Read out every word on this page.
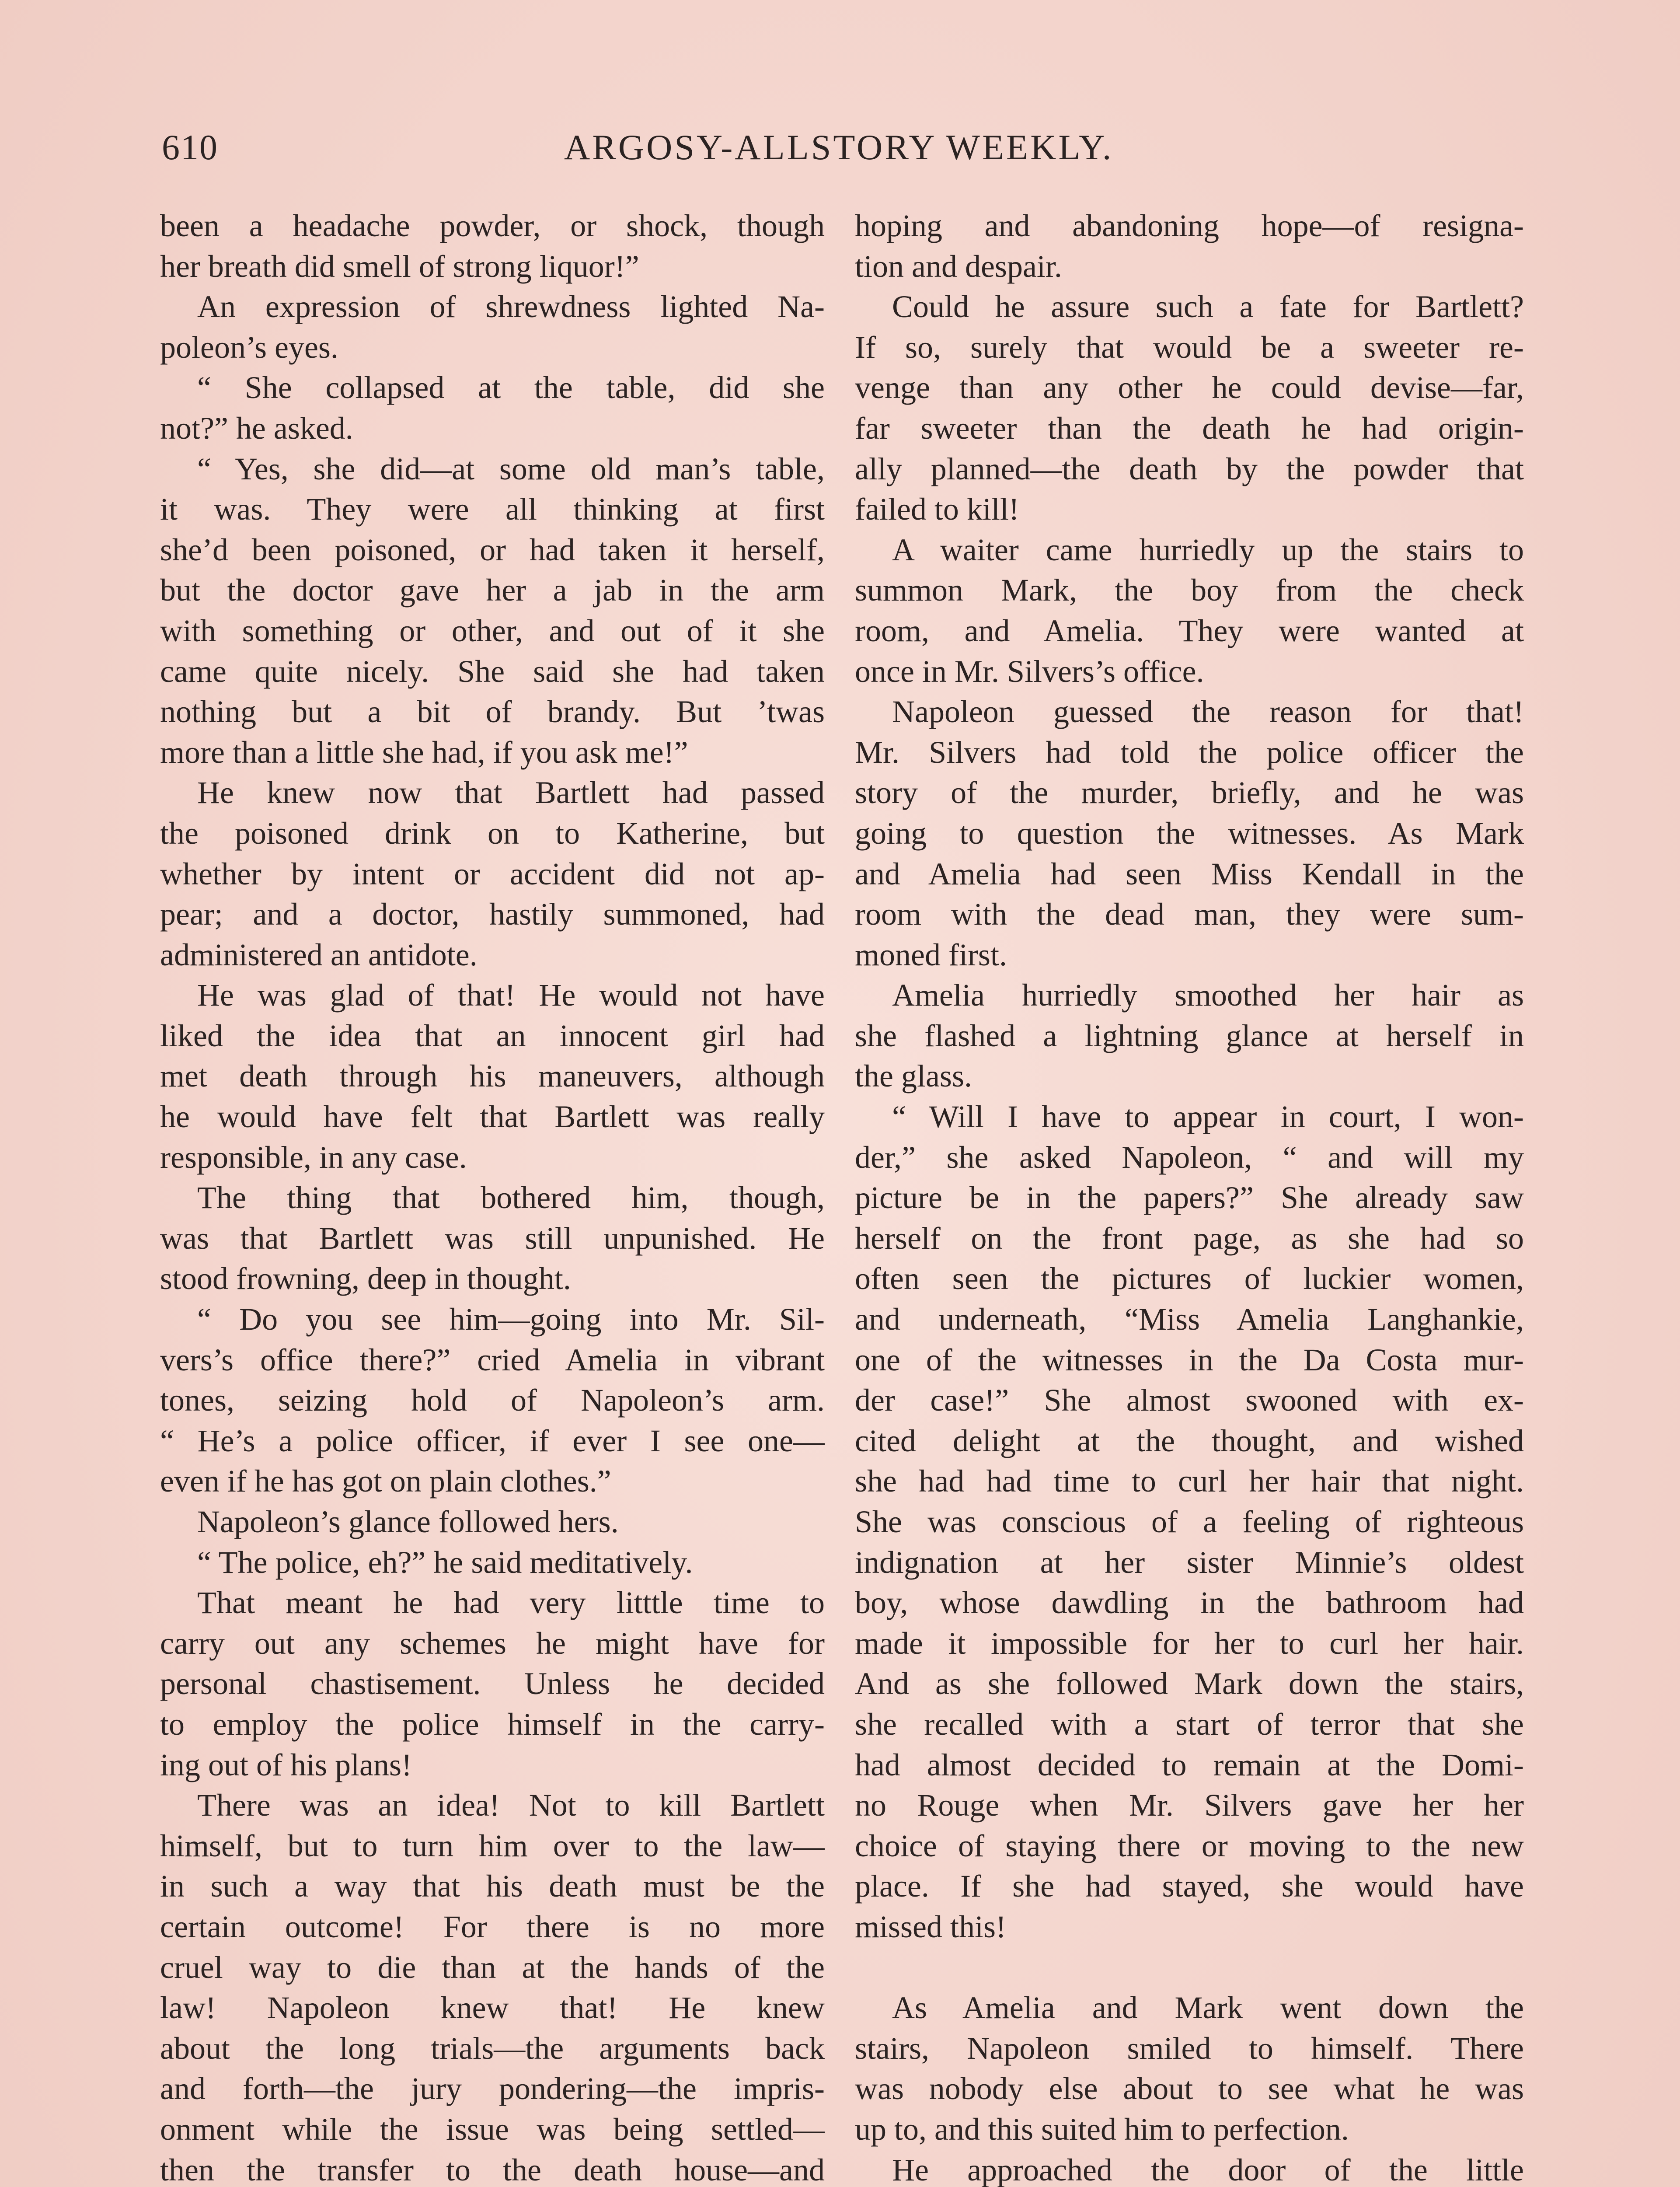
610	ARGOSY-ALLSTORY WEEKLY.
been a headache powder, or shock, though
her breath did smell of strong liquor!”
An expression of shrewdness lighted Na-
poleon’s eyes.
“ She collapsed at the table, did she
not?” he asked.
“ Yes, she did—at some old man’s table,
it was. They were all thinking at first
she’d been poisoned, or had taken it herself,
but the doctor gave her a jab in the arm
with something or other, and out of it she
came quite nicely. She said she had taken
nothing but a bit of brandy. But ’twas
more than a little she had, if you ask me!”
He knew now that Bartlett had passed
the poisoned drink on to Katherine, but
whether by intent or accident did not ap-
pear; and a doctor, hastily summoned, had
administered an antidote.
He was glad of that! He would not have
liked the idea that an innocent girl had
met death through his maneuvers, although
he would have felt that Bartlett was really
responsible, in any case.
The thing that bothered him, though,
was that Bartlett was still unpunished. He
stood frowning, deep in thought.
“ Do you see him—going into Mr. Sil-
vers’s office there?” cried Amelia in vibrant
tones, seizing hold of Napoleon’s arm.
“ He’s a police officer, if ever I see one—
even if he has got on plain clothes.”
Napoleon’s glance followed hers.
“ The police, eh?” he said meditatively.
That meant he had very litttle time to
carry out any schemes he might have for
personal chastisement. Unless he decided
to employ the police himself in the carry-
ing out of his plans!
There was an idea! Not to kill Bartlett
himself, but to turn him over to the law—
in such a way that his death must be the
certain outcome! For there is no more
cruel way to die than at the hands of the
law! Napoleon knew that! He knew
about the long trials—the arguments back
and forth—the jury pondering—the impris-
onment while the issue was being settled—
then the transfer to the death house—and
hoping and abandoning hope—of resigna-
tion and despair.
Could he assure such a fate for Bartlett?
If so, surely that would be a sweeter re-
venge than any other he could devise—far,
far sweeter than the death he had origin-
ally planned—the death by the powder that
failed to kill!
A waiter came hurriedly up the stairs to
summon Mark, the boy from the check
room, and Amelia. They were wanted at
once in Mr. Silvers’s office.
Napoleon guessed the reason for that!
Mr. Silvers had told the police officer the
story of the murder, briefly, and he was
going to question the witnesses. As Mark
and Amelia had seen Miss Kendall in the
room with the dead man, they were sum-
moned first.
Amelia hurriedly smoothed her hair as
she flashed a lightning glance at herself in
the glass.
“ Will I have to appear in court, I won-
der,” she asked Napoleon, “ and will my
picture be in the papers?” She already saw
herself on the front page, as she had so
often seen the pictures of luckier women,
and underneath, “Miss Amelia Langhankie,
one of the witnesses in the Da Costa mur-
der case!” She almost swooned with ex-
cited delight at the thought, and wished
she had had time to curl her hair that night.
She was conscious of a feeling of righteous
indignation at her sister Minnie’s oldest
boy, whose dawdling in the bathroom had
made it impossible for her to curl her hair.
And as she followed Mark down the stairs,
she recalled with a start of terror that she
had almost decided to remain at the Domi-
no Rouge when Mr. Silvers gave her her
choice of staying there or moving to the new
place. If she had stayed, she would have
missed this!
As Amelia and Mark went down the
stairs, Napoleon smiled to himself. There
was nobody else about to see what he was
up to, and this suited him to perfection.
He approached the door of the little
